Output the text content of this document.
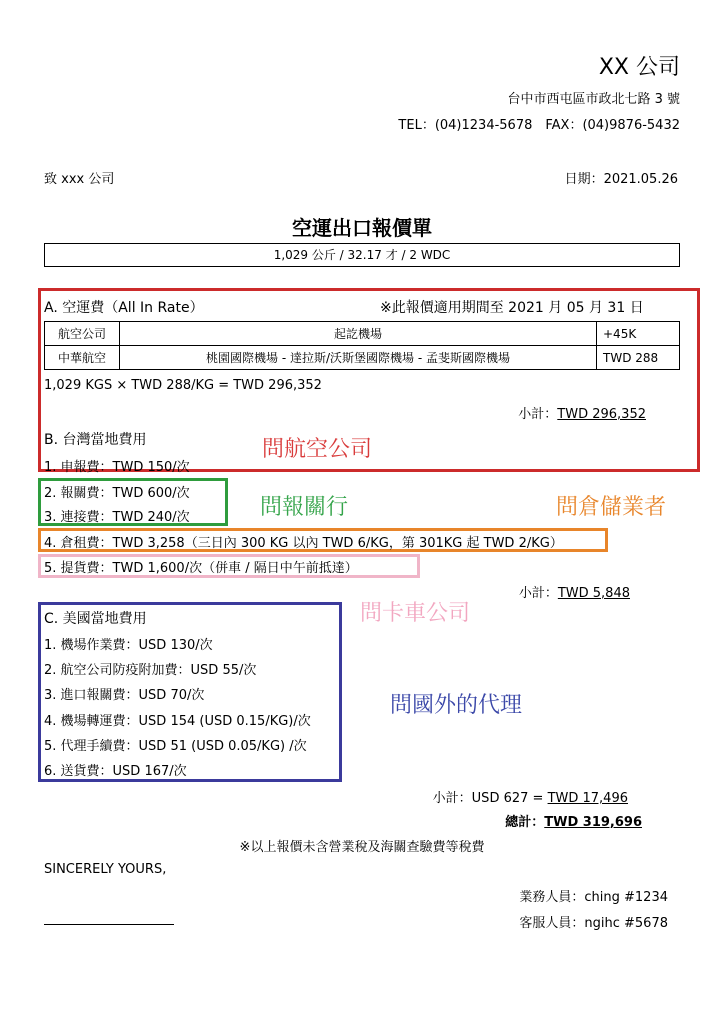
XX 公司
台中市西屯區市政北七路 3 號
TEL：(04)1234-5678　FAX：(04)9876-5432
致 xxx 公司	日期：2021.05.26
空運出口報價單
1,029 公斤 / 32.17 才 / 2 WDC
A. 空運費（All In Rate）	※此報價適用期間至 2021 月 05 月 31 日
航空公司	起訖機場	+45K
中華航空	桃園國際機場 - 達拉斯/沃斯堡國際機場 - 孟斐斯國際機場	TWD 288
1,029 KGS × TWD 288/KG = TWD 296,352
小計：TWD 296,352
B. 台灣當地費用
1. 申報費：TWD 150/次
2. 報關費：TWD 600/次
3. 連接費：TWD 240/次
4. 倉租費：TWD 3,258（三日內 300 KG 以內 TWD 6/KG，第 301KG 起 TWD 2/KG）
5. 提貨費：TWD 1,600/次（併車 / 隔日中午前抵達）
小計：TWD 5,848
C. 美國當地費用
1. 機場作業費：USD 130/次
2. 航空公司防疫附加費：USD 55/次
3. 進口報關費：USD 70/次
4. 機場轉運費：USD 154 (USD 0.15/KG)/次
5. 代理手續費：USD 51 (USD 0.05/KG) /次
6. 送貨費：USD 167/次
小計：USD 627 = TWD 17,496
總計：TWD 319,696
問航空公司
問報關行	問倉儲業者
問卡車公司
問國外的代理
※以上報價未含營業稅及海關查驗費等稅費
SINCERELY YOURS,
業務人員：ching #1234
客服人員：ngihc #5678
